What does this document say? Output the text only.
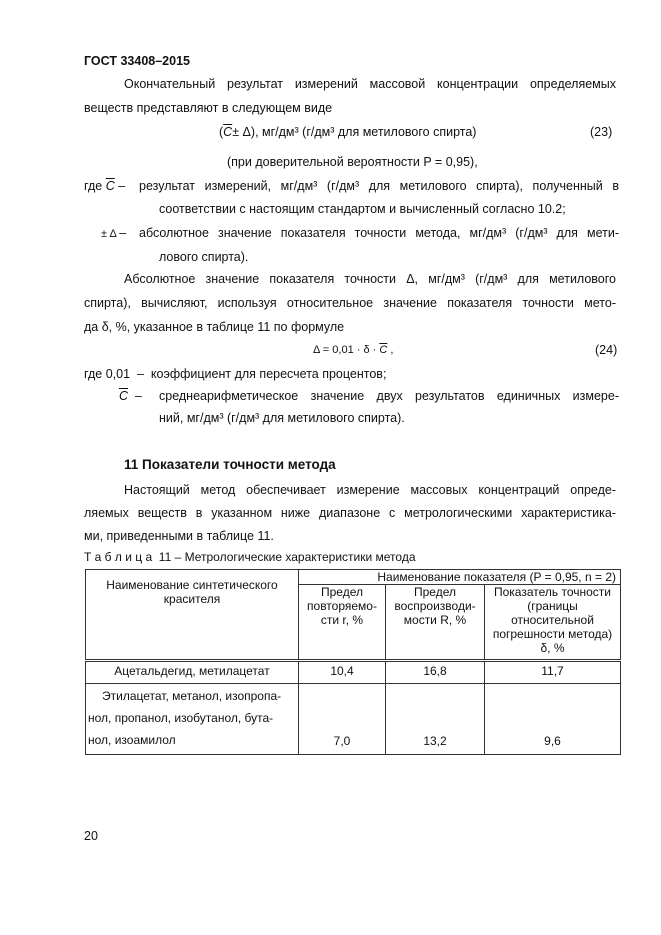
ГОСТ 33408–2015
Окончательный результат измерений массовой концентрации определяемых
веществ представляют в следующем виде
$(\overline{C}\pm \Delta)$, мг/дм³ (г/дм³ для метилового спирта)	(23)
(при доверительной вероятности P = 0,95),
где $\overline{C}$ – результат измерений, мг/дм³ (г/дм³ для метилового спирта), полученный в
соответствии с настоящим стандартом и вычисленный согласно 10.2;
± Δ – абсолютное значение показателя точности метода, мг/дм³ (г/дм³ для мети-
лового спирта).
Абсолютное значение показателя точности Δ, мг/дм³ (г/дм³ для метилового
спирта), вычисляют, используя относительное значение показателя точности мето-
да δ, %, указанное в таблице 11 по формуле
$\Delta = 0,01 \cdot \delta \cdot \overline{C}$ ,	(24)
где 0,01 – коэффициент для пересчета процентов;
$\overline{C}$ – среднеарифметическое значение двух результатов единичных измере-
ний, мг/дм³ (г/дм³ для метилового спирта).
11 Показатели точности метода
Настоящий метод обеспечивает измерение массовых концентраций опреде-
ляемых веществ в указанном ниже диапазоне с метрологическими характеристика-
ми, приведенными в таблице 11.
Т а б л и ц а  11 – Метрологические характеристики метода
Наименование синтетического красителя	Наименование показателя (P = 0,95, n = 2)		
	Предел повторяемо-сти r, %	Предел воспроизводи-мости R, %	Показатель точности (границы относительной погрешности метода) δ, %
Ацетальдегид, метилацетат	10,4	16,8	11,7

Этилацетат, метанол, изопропа-
нол, пропанол, изобутанол, бута-
нол, изоамилол	7,0	13,2	9,6
20
